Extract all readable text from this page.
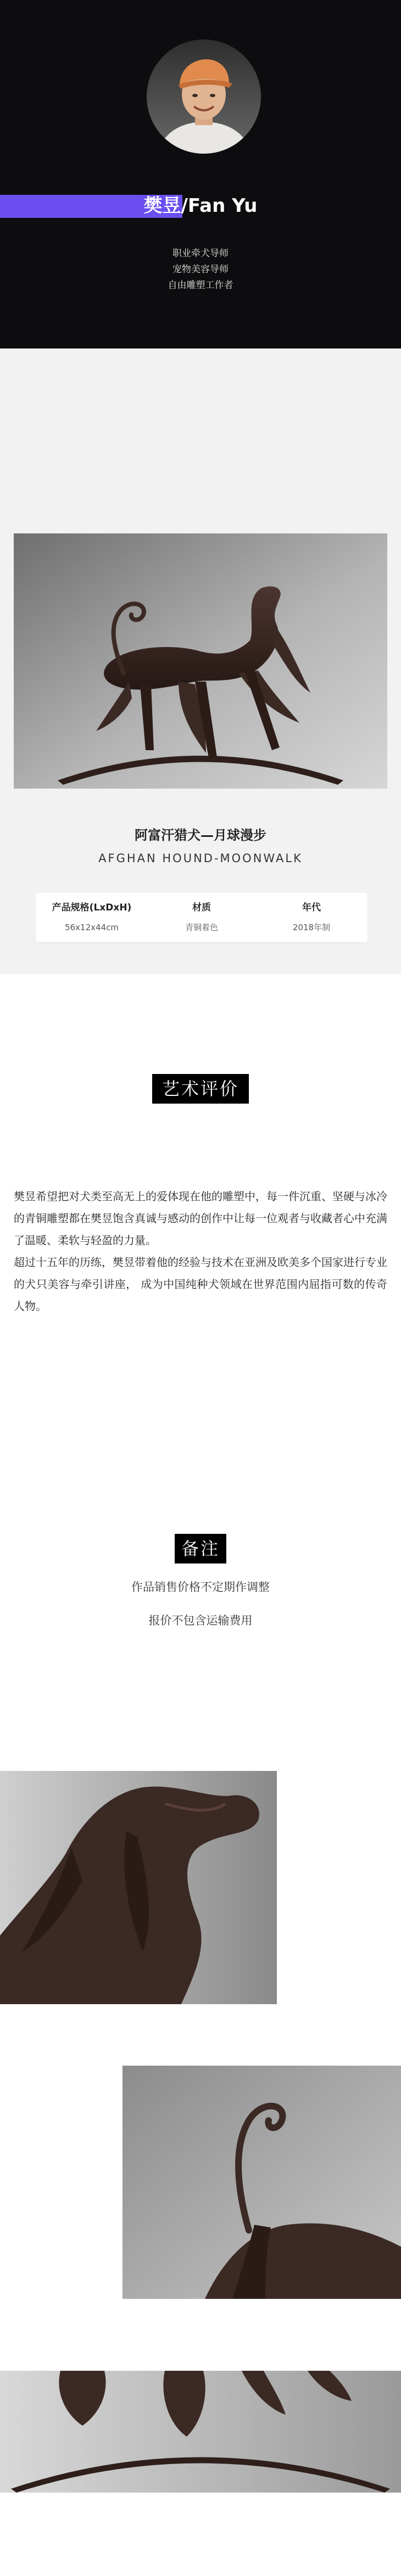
樊昱/Fan Yu
职业牵犬导师
宠物美容导师
自由雕塑工作者
阿富汗猎犬—月球漫步
AFGHAN HOUND-MOONWALK
产品规格(LxDxH)
56x12x44cm
材质
青铜着色
年代
2018年制
艺术评价

樊昱希望把对犬类至高无上的爱体现在他的雕塑中，每一件沉重、坚硬与冰冷的青铜雕塑都在樊昱饱含真诚与感动的创作中让每一位观者与收藏者心中充满了温暖、柔软与轻盈的力量。

超过十五年的历练，樊昱带着他的经验与技术在亚洲及欧美多个国家进行专业的犬只美容与牵引讲座， 成为中国纯种犬领域在世界范围内屈指可数的传奇人物。

备注
作品销售价格不定期作调整
报价不包含运输费用
